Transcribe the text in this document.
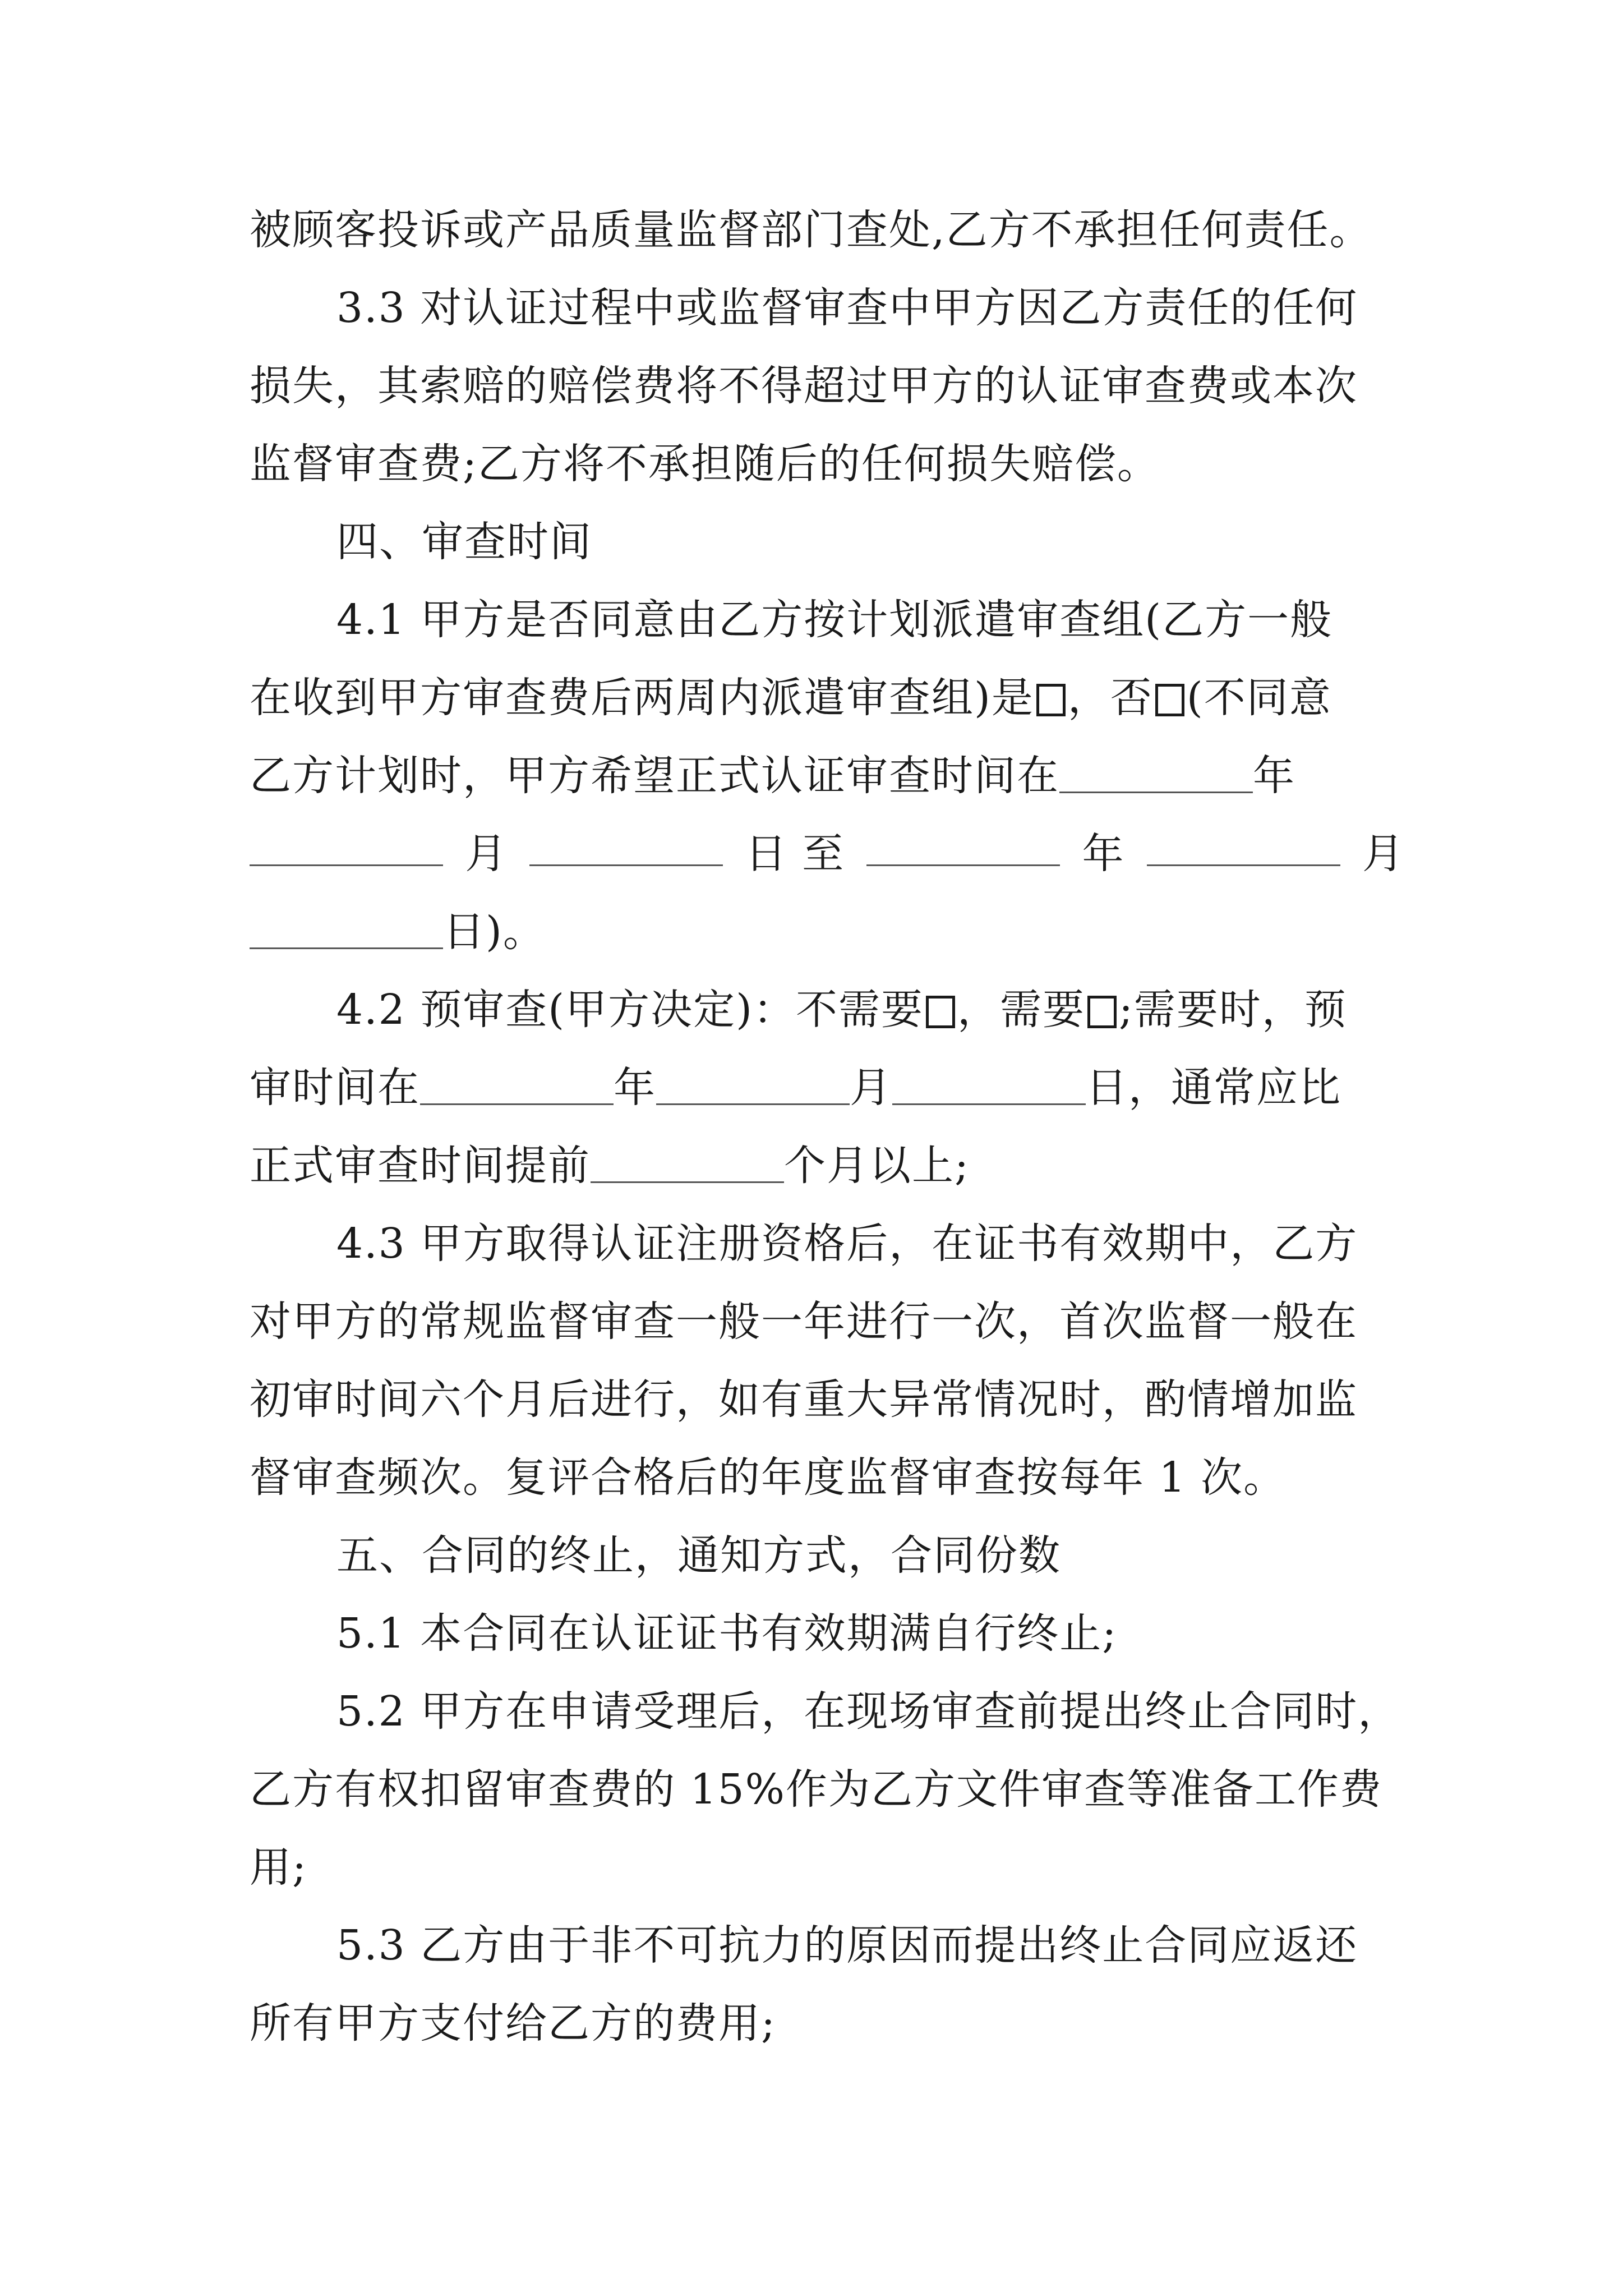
被顾客投诉或产品质量监督部门查处,乙方不承担任何责任。
3.3 对认证过程中或监督审查中甲方因乙方责任的任何
损失，其索赔的赔偿费将不得超过甲方的认证审查费或本次
监督审查费;乙方将不承担随后的任何损失赔偿。
四、审查时间
4.1 甲方是否同意由乙方按计划派遣审查组(乙方一般
在收到甲方审查费后两周内派遣审查组)是 ，否 (不同意
乙方计划时，甲方希望正式认证审查时间在	年
月	日 至	年	月
日)。
4.2 预审查(甲方决定)：不需要 ，需要 ;需要时，预
审时间在	年	月	日，通常应比
正式审查时间提前	个月以上;
4.3 甲方取得认证注册资格后，在证书有效期中，乙方
对甲方的常规监督审查一般一年进行一次，首次监督一般在
初审时间六个月后进行，如有重大异常情况时，酌情增加监
督审查频次。复评合格后的年度监督审查按每年 1 次。
五、合同的终止，通知方式，合同份数
5.1 本合同在认证证书有效期满自行终止;
5.2 甲方在申请受理后，在现场审查前提出终止合同时，
乙方有权扣留审查费的 15%作为乙方文件审查等准备工作费
用;
5.3 乙方由于非不可抗力的原因而提出终止合同应返还
所有甲方支付给乙方的费用;
